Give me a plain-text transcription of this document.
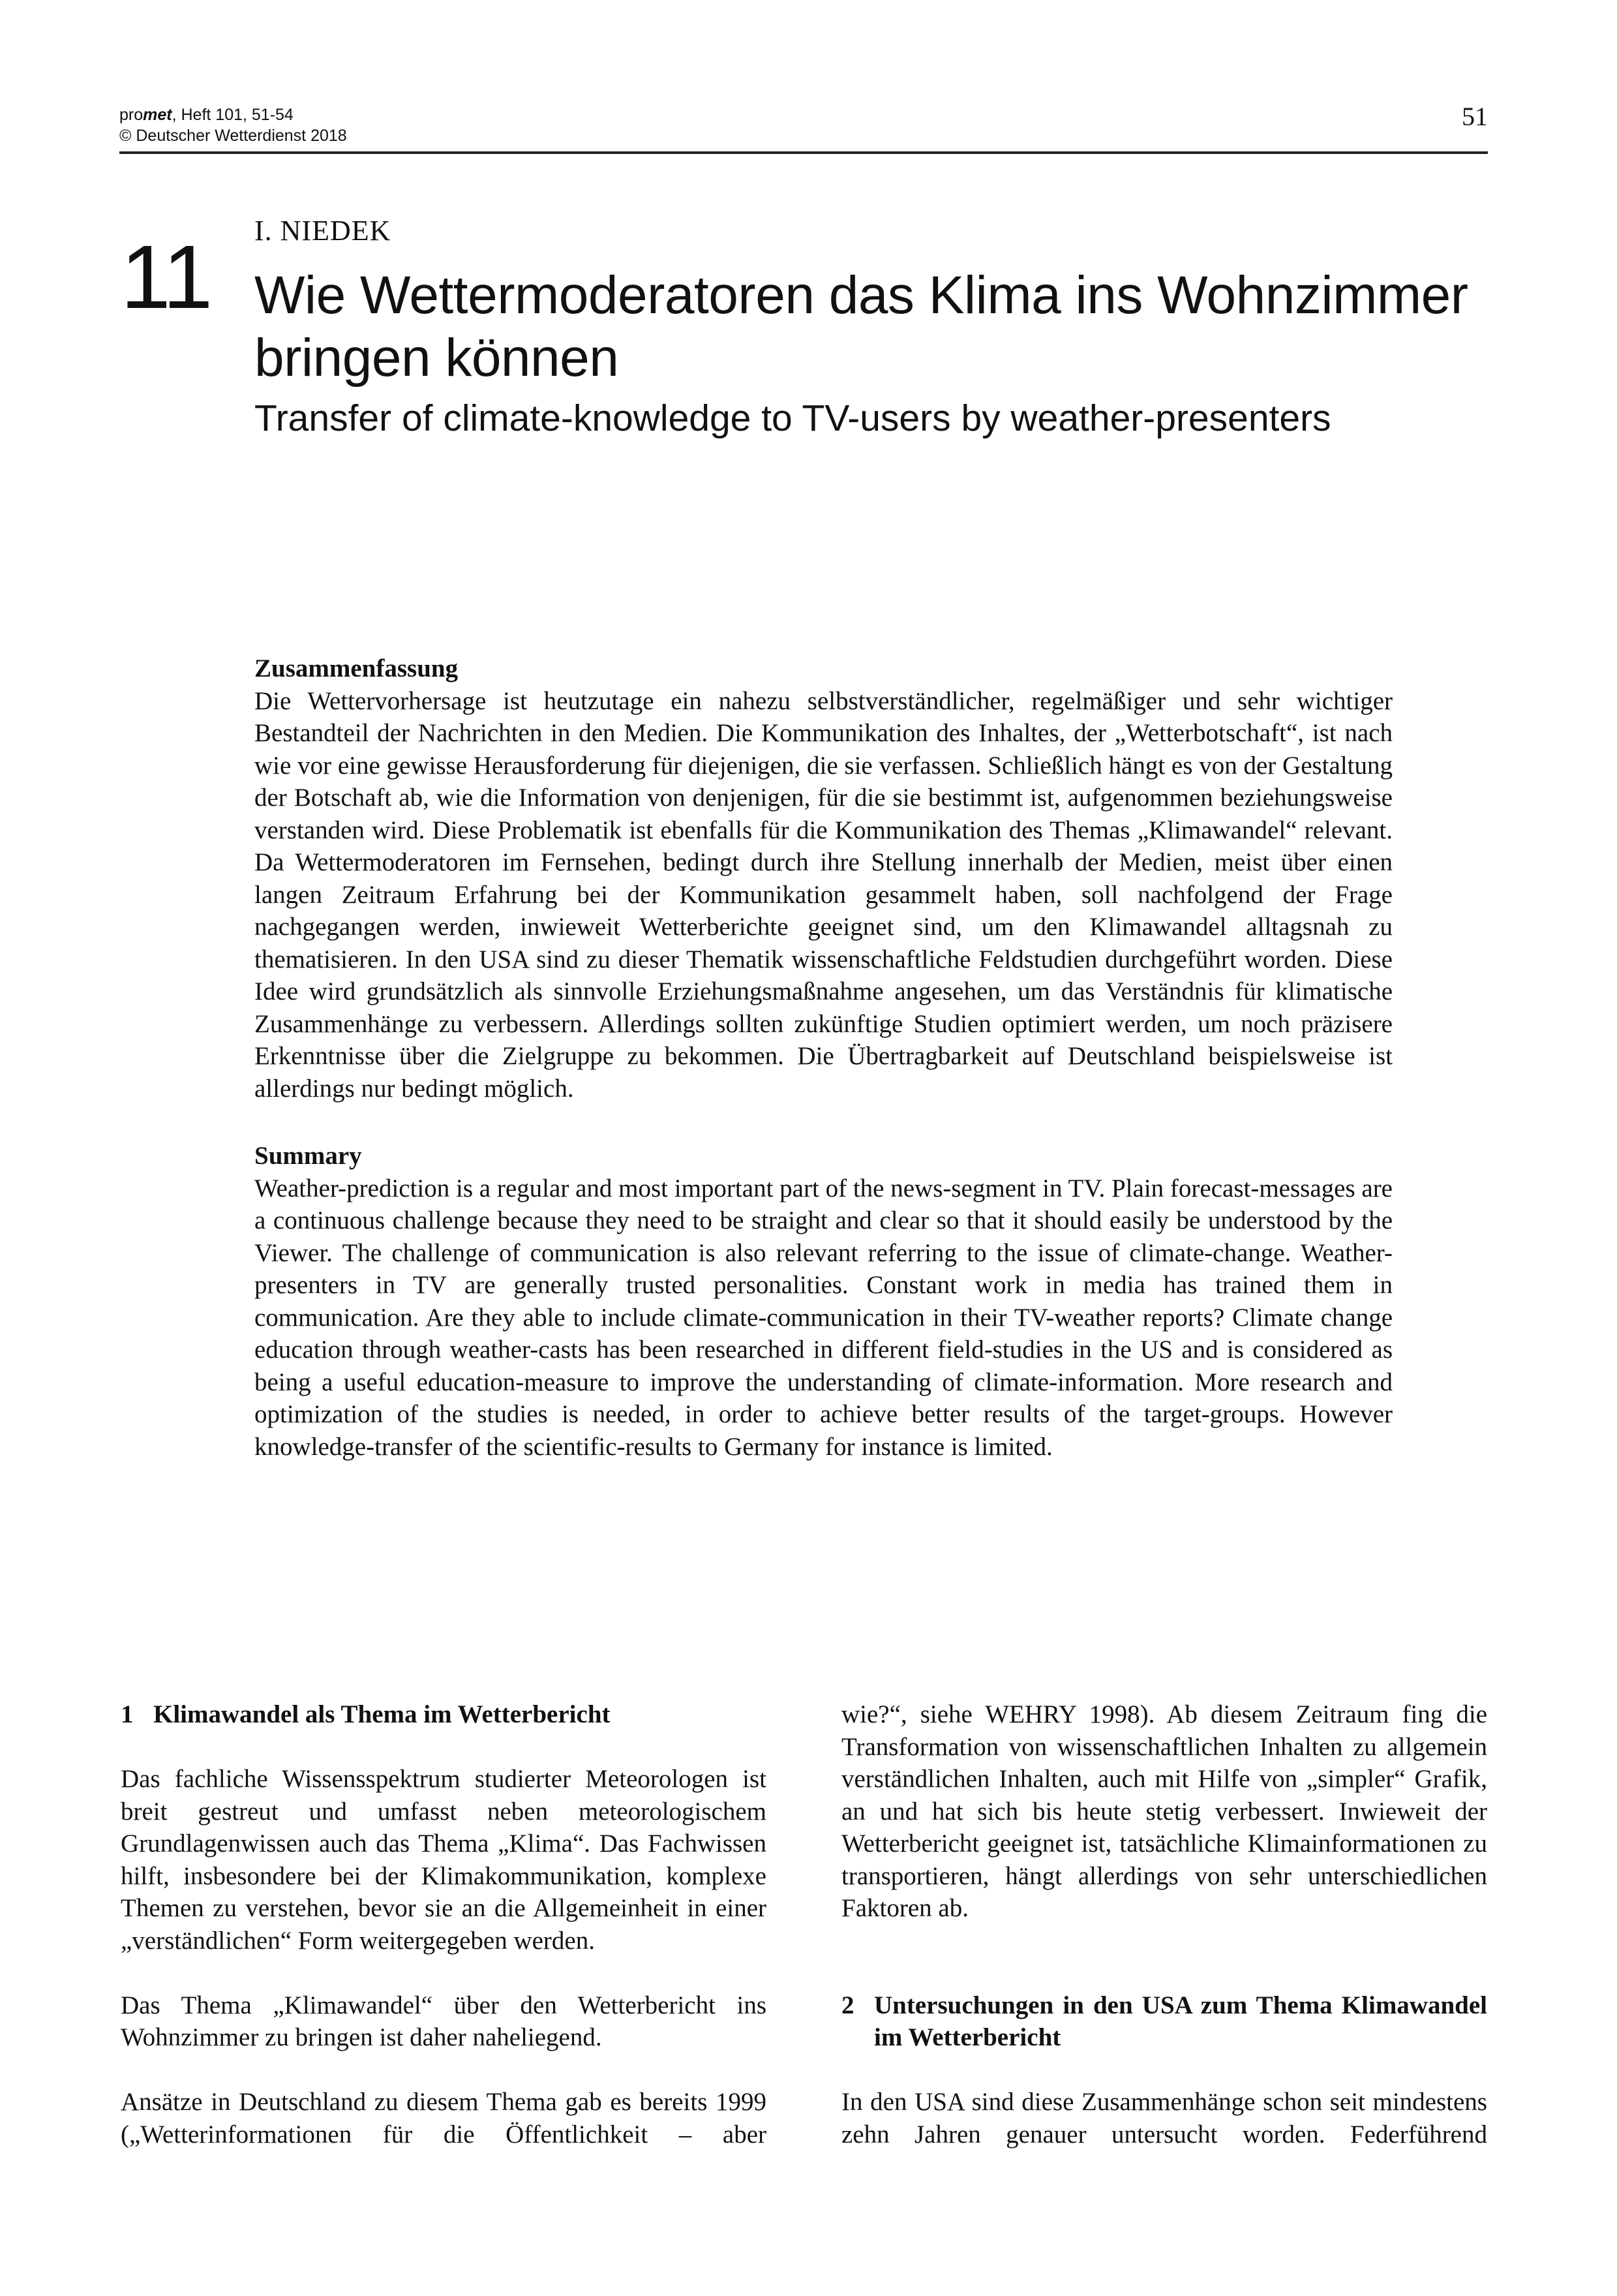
promet, Heft 101, 51-54
© Deutscher Wetterdienst 2018
51
11 I. NIEDEK
Wie Wettermoderatoren das Klima ins Wohnzimmer bringen können
Transfer of climate-knowledge to TV-users by weather-presenters
Zusammenfassung

Die Wettervorhersage ist heutzutage ein nahezu selbstverständlicher, regelmäßiger und sehr wichtiger Bestandteil der Nachrichten in den Medien. Die Kommunikation des Inhaltes, der „Wetterbotschaft“, ist nach wie vor eine gewisse Herausforderung für diejenigen, die sie verfassen. Schließlich hängt es von der Gestaltung der Botschaft ab, wie die Information von denjenigen, für die sie bestimmt ist, aufgenommen beziehungsweise verstanden wird. Diese Problematik ist ebenfalls für die Kommunikation des Themas „Klimawandel“ relevant. Da Wettermoderatoren im Fernsehen, bedingt durch ihre Stellung innerhalb der Medien, meist über einen langen Zeitraum Erfahrung bei der Kommunikation gesammelt haben, soll nachfolgend der Frage nachgegangen werden, inwieweit Wetterberichte geeignet sind, um den Klimawandel alltagsnah zu thematisieren. In den USA sind zu dieser Thematik wissenschaftliche Feldstudien durchgeführt worden. Diese Idee wird grundsätzlich als sinnvolle Erziehungsmaßnahme angesehen, um das Verständnis für klimatische Zusammenhänge zu verbessern. Allerdings sollten zukünftige Studien optimiert werden, um noch präzisere Erkenntnisse über die Zielgruppe zu bekommen. Die Übertragbarkeit auf Deutschland beispielsweise ist allerdings nur bedingt möglich.

Summary

Weather-prediction is a regular and most important part of the news-segment in TV. Plain forecast-messages are a continuous challenge because they need to be straight and clear so that it should easily be understood by the Viewer. The challenge of communication is also relevant referring to the issue of climate-change. Weather-presenters in TV are generally trusted personalities. Constant work in media has trained them in communication. Are they able to include climate-communication in their TV-weather reports? Climate change education through weather-casts has been researched in different field-studies in the US and is considered as being a useful education-measure to improve the understanding of climate-information. More research and optimization of the studies is needed, in order to achieve better results of the target-groups. However knowledge-transfer of the scientific-results to Germany for instance is limited.

1 Klimawandel als Thema im Wetterbericht

Das fachliche Wissensspektrum studierter Meteorologen ist breit gestreut und umfasst neben meteorologischem Grundlagenwissen auch das Thema „Klima“. Das Fachwissen hilft, insbesondere bei der Klimakommunikation, komplexe Themen zu verstehen, bevor sie an die Allgemeinheit in einer „verständlichen“ Form weitergegeben werden.

Das Thema „Klimawandel“ über den Wetterbericht ins Wohnzimmer zu bringen ist daher naheliegend.

Ansätze in Deutschland zu diesem Thema gab es bereits 1999 („Wetterinformationen für die Öffentlichkeit – aber

wie?“, siehe WEHRY 1998). Ab diesem Zeitraum fing die Transformation von wissenschaftlichen Inhalten zu allgemein verständlichen Inhalten, auch mit Hilfe von „simpler“ Grafik, an und hat sich bis heute stetig verbessert. Inwieweit der Wetterbericht geeignet ist, tatsächliche Klimainformationen zu transportieren, hängt allerdings von sehr unterschiedlichen Faktoren ab.

2 Untersuchungen in den USA zum Thema Klimawandel im Wetterbericht

In den USA sind diese Zusammenhänge schon seit mindestens zehn Jahren genauer untersucht worden. Federführend
